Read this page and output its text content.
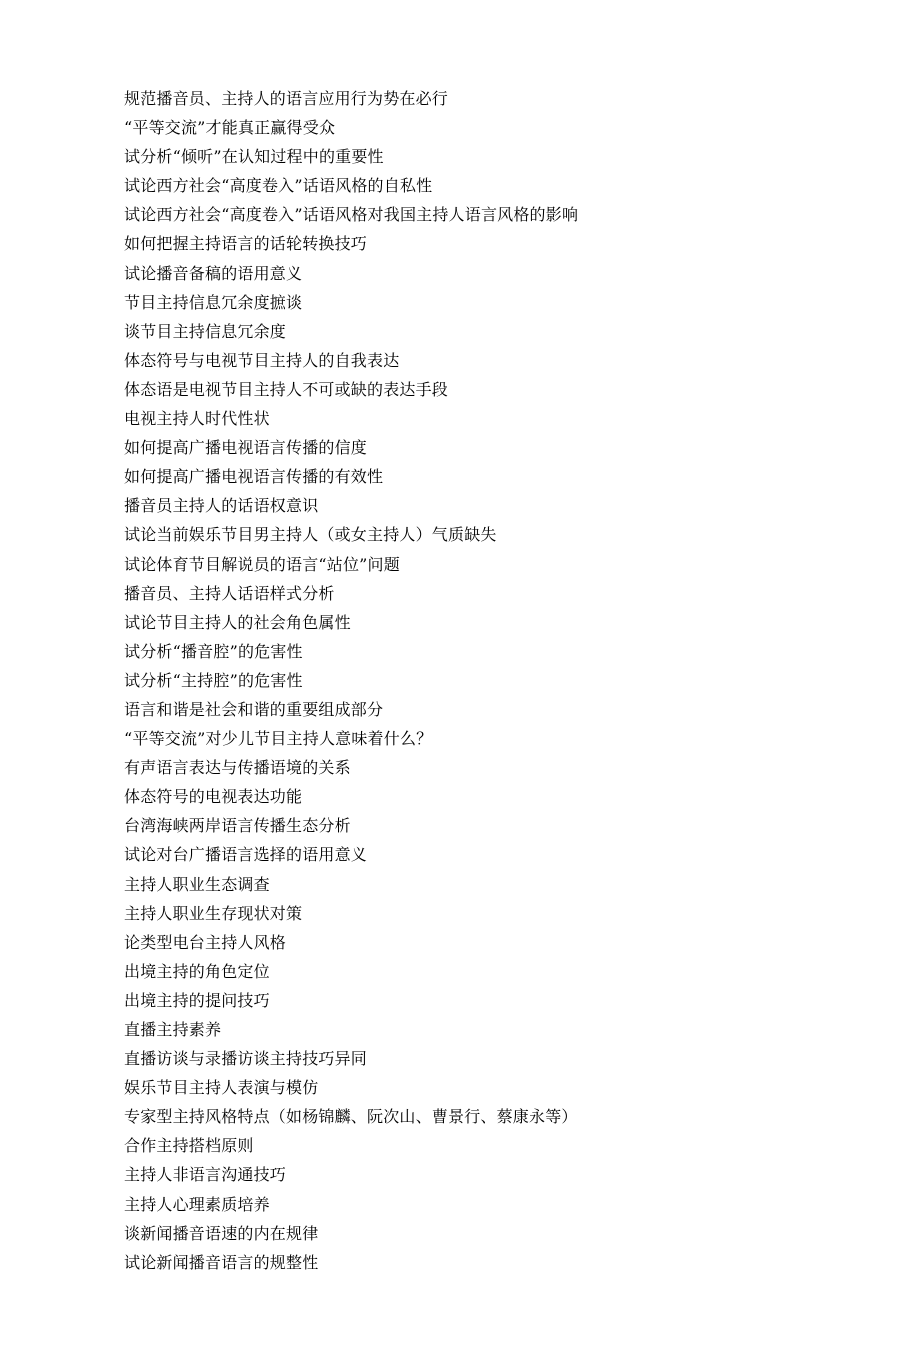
规范播音员、主持人的语言应用行为势在必行
“平等交流”才能真正赢得受众
试分析“倾听”在认知过程中的重要性
试论西方社会“高度卷入”话语风格的自私性
试论西方社会“高度卷入”话语风格对我国主持人语言风格的影响
如何把握主持语言的话轮转换技巧
试论播音备稿的语用意义
节目主持信息冗余度摭谈
谈节目主持信息冗余度
体态符号与电视节目主持人的自我表达
体态语是电视节目主持人不可或缺的表达手段
电视主持人时代性状
如何提高广播电视语言传播的信度
如何提高广播电视语言传播的有效性
播音员主持人的话语权意识
试论当前娱乐节目男主持人（或女主持人）气质缺失
试论体育节目解说员的语言“站位”问题
播音员、主持人话语样式分析
试论节目主持人的社会角色属性
试分析“播音腔”的危害性
试分析“主持腔”的危害性
语言和谐是社会和谐的重要组成部分
“平等交流”对少儿节目主持人意味着什么？
有声语言表达与传播语境的关系
体态符号的电视表达功能
台湾海峡两岸语言传播生态分析
试论对台广播语言选择的语用意义
主持人职业生态调查
主持人职业生存现状对策
论类型电台主持人风格
出境主持的角色定位
出境主持的提问技巧
直播主持素养
直播访谈与录播访谈主持技巧异同
娱乐节目主持人表演与模仿
专家型主持风格特点（如杨锦麟、阮次山、曹景行、蔡康永等）
合作主持搭档原则
主持人非语言沟通技巧
主持人心理素质培养
谈新闻播音语速的内在规律
试论新闻播音语言的规整性
